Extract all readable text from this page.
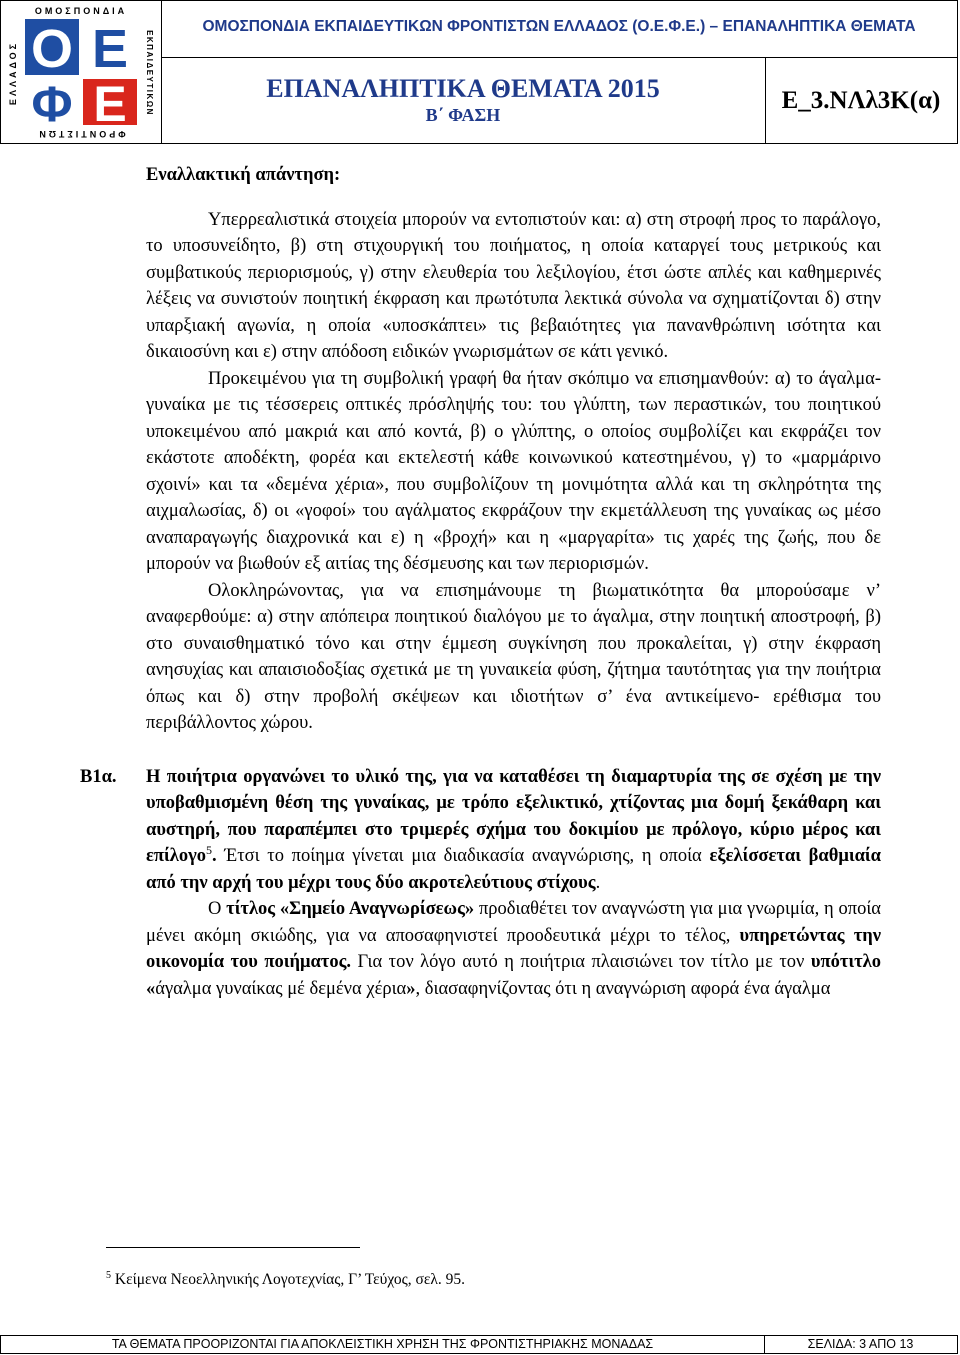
Ο Ε
Φ Ε
ΟΜΟΣΠΟΝΔΙΑ
ΦΡΟΝΤΙΣΤΩΝ
ΕΛΛΑΔΟΣ	ΕΚΠΑΙΔΕΥΤΙΚΩΝ
ΟΜΟΣΠΟΝΔΙΑ ΕΚΠΑΙΔΕΥΤΙΚΩΝ ΦΡΟΝΤΙΣΤΩΝ ΕΛΛΑΔΟΣ (Ο.Ε.Φ.Ε.) – ΕΠΑΝΑΛΗΠΤΙΚΑ ΘΕΜΑΤΑ
ΕΠΑΝΑΛΗΠΤΙΚΑ ΘΕΜΑΤΑ 2015
Β΄ ΦΑΣΗ
Ε_3.ΝΛλ3Κ(α)

Εναλλακτική απάντηση:

Υπερρεαλιστικά στοιχεία μπορούν να εντοπιστούν και: α) στη στροφή προς το παράλογο, το υποσυνείδητο, β) στη στιχουργική του ποιήματος, η οποία καταργεί τους μετρικούς και συμβατικούς περιορισμούς, γ) στην ελευθερία του λεξιλογίου, έτσι ώστε απλές και καθημερινές λέξεις να συνιστούν ποιητική έκφραση και πρωτότυπα λεκτικά σύνολα να σχηματίζονται δ) στην υπαρξιακή αγωνία, η οποία «υποσκάπτει» τις βεβαιότητες για πανανθρώπινη ισότητα και δικαιοσύνη και ε) στην απόδοση ειδικών γνωρισμάτων σε κάτι γενικό.

Προκειμένου για τη συμβολική γραφή θα ήταν σκόπιμο να επισημανθούν: α) το άγαλμα- γυναίκα με τις τέσσερεις οπτικές πρόσληψής του: του γλύπτη, των περαστικών, του ποιητικού υποκειμένου από μακριά και από κοντά, β) ο γλύπτης, ο οποίος συμβολίζει και εκφράζει τον εκάστοτε αποδέκτη, φορέα και εκτελεστή κάθε κοινωνικού κατεστημένου, γ) το «μαρμάρινο σχοινί» και τα «δεμένα χέρια», που συμβολίζουν τη μονιμότητα αλλά και τη σκληρότητα της αιχμαλωσίας, δ) οι «γοφοί» του αγάλματος εκφράζουν την εκμετάλλευση της γυναίκας ως μέσο αναπαραγωγής διαχρονικά και ε) η «βροχή» και η «μαργαρίτα» τις χαρές της ζωής, που δε μπορούν να βιωθούν εξ αιτίας της δέσμευσης και των περιορισμών.

Ολοκληρώνοντας, για να επισημάνουμε τη βιωματικότητα θα μπορούσαμε ν’ αναφερθούμε: α) στην απόπειρα ποιητικού διαλόγου με το άγαλμα, στην ποιητική αποστροφή, β) στο συναισθηματικό τόνο και στην έμμεση συγκίνηση που προκαλείται, γ) στην έκφραση ανησυχίας και απαισιοδοξίας σχετικά με τη γυναικεία φύση, ζήτημα ταυτότητας για την ποιήτρια όπως και δ) στην προβολή σκέψεων και ιδιοτήτων σ’ ένα αντικείμενο- ερέθισμα του περιβάλλοντος χώρου.

Β1α. Η ποιήτρια οργανώνει το υλικό της, για να καταθέσει τη διαμαρτυρία της σε σχέση με την υποβαθμισμένη θέση της γυναίκας, με τρόπο εξελικτικό, χτίζοντας μια δομή ξεκάθαρη και αυστηρή, που παραπέμπει στο τριμερές σχήμα του δοκιμίου με πρόλογο, κύριο μέρος και επίλογο$^5$. Έτσι το ποίημα γίνεται μια διαδικασία αναγνώρισης, η οποία εξελίσσεται βαθμιαία από την αρχή του μέχρι τους δύο ακροτελεύτιους στίχους.

Ο τίτλος «Σημείο Αναγνωρίσεως» προδιαθέτει τον αναγνώστη για μια γνωριμία, η οποία μένει ακόμη σκιώδης, για να αποσαφηνιστεί προοδευτικά μέχρι το τέλος, υπηρετώντας την οικονομία του ποιήματος. Για τον λόγο αυτό η ποιήτρια πλαισιώνει τον τίτλο με τον υπότιτλο «άγαλμα γυναίκας μέ δεμένα χέρια», διασαφηνίζοντας ότι η αναγνώριση αφορά ένα άγαλμα

$^5$ Κείμενα Νεοελληνικής Λογοτεχνίας, Γ’ Τεύχος, σελ. 95.
ΤΑ ΘΕΜΑΤΑ ΠΡΟΟΡΙΖΟΝΤΑΙ ΓΙΑ ΑΠΟΚΛΕΙΣΤΙΚΗ ΧΡΗΣΗ ΤΗΣ ΦΡΟΝΤΙΣΤΗΡΙΑΚΗΣ ΜΟΝΑΔΑΣ	ΣΕΛΙΔΑ: 3 ΑΠΟ 13
